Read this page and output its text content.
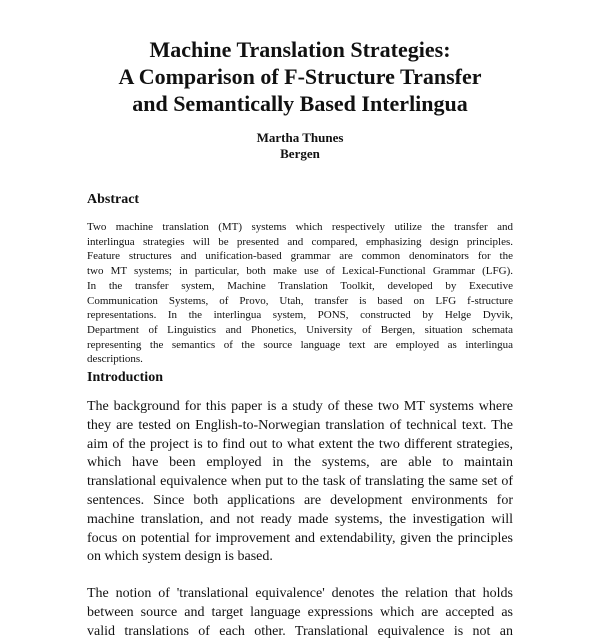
Machine Translation Strategies:
A Comparison of F-Structure Transfer
and Semantically Based Interlingua
Martha Thunes
Bergen
Abstract
Two machine translation (MT) systems which respectively utilize the transfer and
interlingua strategies will be presented and compared, emphasizing design principles.
Feature structures and unification-based grammar are common denominators for the
two MT systems; in particular, both make use of Lexical-Functional Grammar (LFG).
In the transfer system, Machine Translation Toolkit, developed by Executive
Communication Systems, of Provo, Utah, transfer is based on LFG f-structure
representations. In the interlingua system, PONS, constructed by Helge Dyvik,
Department of Linguistics and Phonetics, University of Bergen, situation schemata
representing the semantics of the source language text are employed as interlingua
descriptions.
Introduction
The background for this paper is a study of these two MT systems where
they are tested on English-to-Norwegian translation of technical text. The
aim of the project is to find out to what extent the two different strategies,
which have been employed in the systems, are able to maintain
translational equivalence when put to the task of translating the same set of
sentences. Since both applications are development environments for
machine translation, and not ready made systems, the investigation will
focus on potential for improvement and extendability, given the principles
on which system design is based.
The notion of 'translational equivalence' denotes the relation that holds
between source and target language expressions which are accepted as
valid translations of each other. Translational equivalence is not an
